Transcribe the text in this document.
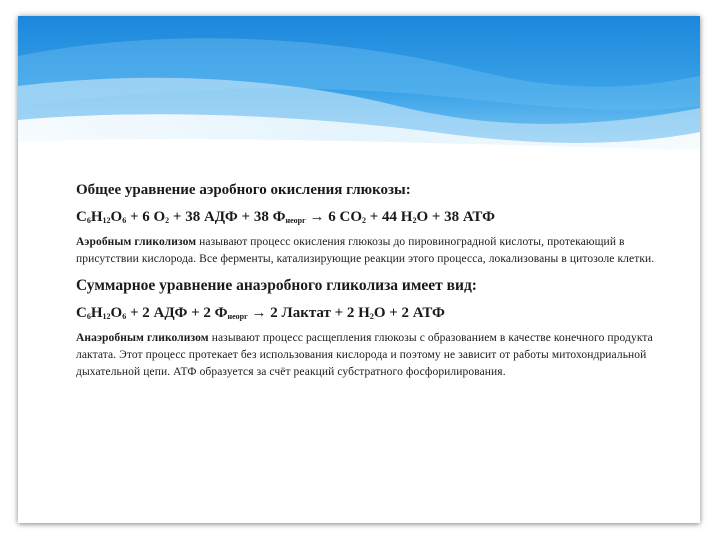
Общее уравнение аэробного окисления глюкозы:
$C_6H_{12}O_6 + 6$ $O_2 + 38$ АДФ + 38 $Ф_{неорг} \to 6$ $CO_2 + 44$ $H_2O + 38$ АТФ
Аэробным гликолизом называют процесс окисления глюкозы до пировиноградной кислоты, протекающий в присутствии кислорода. Все ферменты, катализирующие реакции этого процесса, локализованы в цитозоле клетки.
Суммарное уравнение анаэробного гликолиза имеет вид:
$C_6H_{12}O_6 + 2$ АДФ + 2 $Ф_{неорг} \to 2$ Лактат + 2 $H_2O + 2$ АТФ
Анаэробным гликолизом называют процесс расщепления глюкозы с образованием в качестве конечного продукта лактата. Этот процесс протекает без использования кислорода и поэтому не зависит от работы митохондриальной дыхательной цепи. АТФ образуется за счёт реакций субстратного фосфорилирования.
